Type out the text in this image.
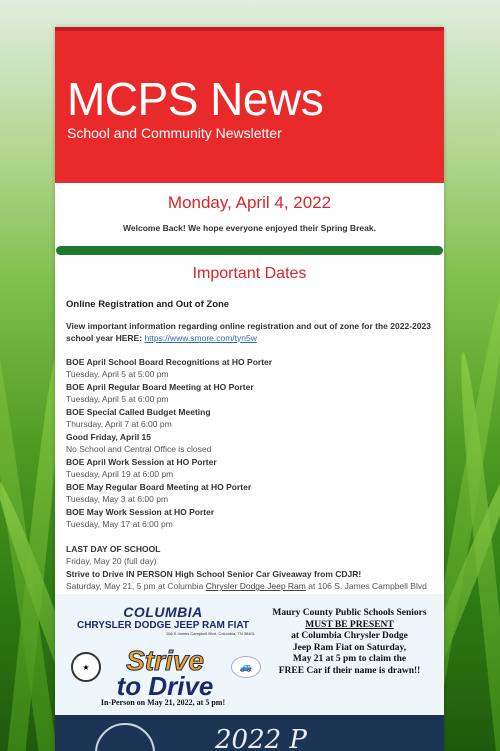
MCPS News
School and Community Newsletter
Monday, April 4, 2022
Welcome Back! We hope everyone enjoyed their Spring Break.
Important Dates
Online Registration and Out of Zone

View important information regarding online registration and out of zone for the 2022-2023 school year HERE: https://www.smore.com/tyn5w

BOE April School Board Recognitions at HO Porter
Tuesday, April 5 at 5:00 pm
BOE April Regular Board Meeting at HO Porter
Tuesday, April 5 at 6:00 pm
BOE Special Called Budget Meeting
Thursday, April 7 at 6:00 pm
Good Friday, April 15
No School and Central Office is closed
BOE April Work Session at HO Porter
Tuesday, April 19 at 6:00 pm
BOE May Regular Board Meeting at HO Porter
Tuesday, May 3 at 6:00 pm
BOE May Work Session at HO Porter
Tuesday, May 17 at 6:00 pm
LAST DAY OF SCHOOL
Friday, May 20 (full day)
Strive to Drive IN PERSON High School Senior Car Giveaway from CDJR!
Saturday, May 21, 5 pm at Columbia Chrysler Dodge Jeep Ram at 106 S. James Campbell Blvd
COLUMBIA
CHRYSLER DODGE JEEP RAM FIAT
106 S James Campbell Blvd, Columbia, TN 38401
★	Strive
to Drive
🚙
In-Person on May 21, 2022, at 5 pm!
Maury County Public Schools Seniors
MUST BE PRESENT
at Columbia Chrysler Dodge
Jeep Ram Fiat on Saturday,
May 21 at 5 pm to claim the
FREE Car if their name is drawn!!
2022 P
